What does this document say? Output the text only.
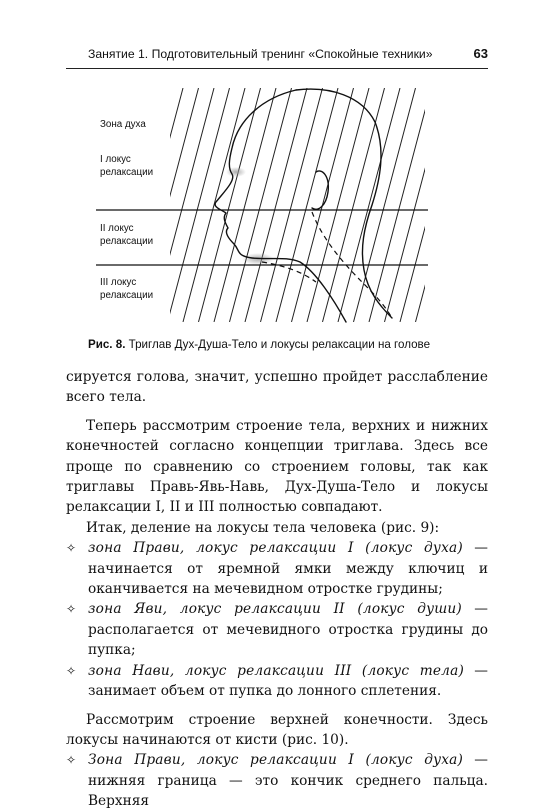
Занятие 1. Подготовительный тренинг «Спокойные техники»	63
Зона духа
I локус релаксации
II локус релаксации
III локус релаксации
Рис. 8. Триглав Дух-Душа-Тело и локусы релаксации на голове

сируется голова, значит, успешно пройдет расслабление всего тела.

Теперь рассмотрим строение тела, верхних и нижних конечностей согласно концепции триглава. Здесь все проще по сравнению со строением головы, так как триглавы Правь-Явь-Навь, Дух-Душа-Тело и локусы релаксации I, II и III полностью совпадают.

Итак, деление на локусы тела человека (рис. 9):

✧ зона Прави, локус релаксации I (локус духа) — начинается от яремной ямки между ключиц и оканчивается на мечевидном отростке грудины;
✧ зона Яви, локус релаксации II (локус души) — располагается от мечевидного отростка грудины до пупка;
✧ зона Нави, локус релаксации III (локус тела) — занимает объем от пупка до лонного сплетения.

Рассмотрим строение верхней конечности. Здесь локусы начинаются от кисти (рис. 10).

✧ Зона Прави, локус релаксации I (локус духа) — нижняя граница — это кончик среднего пальца. Верхняя
